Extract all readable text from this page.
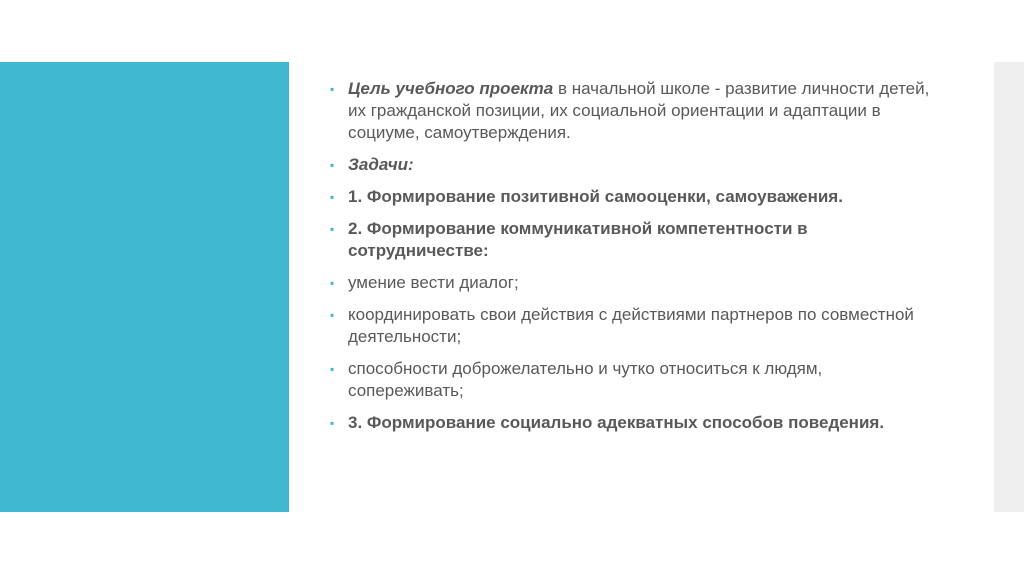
▪ Цель учебного проекта в начальной школе - развитие личности детей, их гражданской позиции, их социальной ориентации и адаптации в социуме, самоутверждения.
▪ Задачи:
▪ 1. Формирование позитивной самооценки, самоуважения.
▪ 2. Формирование коммуникативной компетентности в сотрудничестве:
▪ умение вести диалог;
▪ координировать свои действия с действиями партнеров по совместной деятельности;
▪ способности доброжелательно и чутко относиться к людям, сопереживать;
▪ 3. Формирование социально адекватных способов поведения.
